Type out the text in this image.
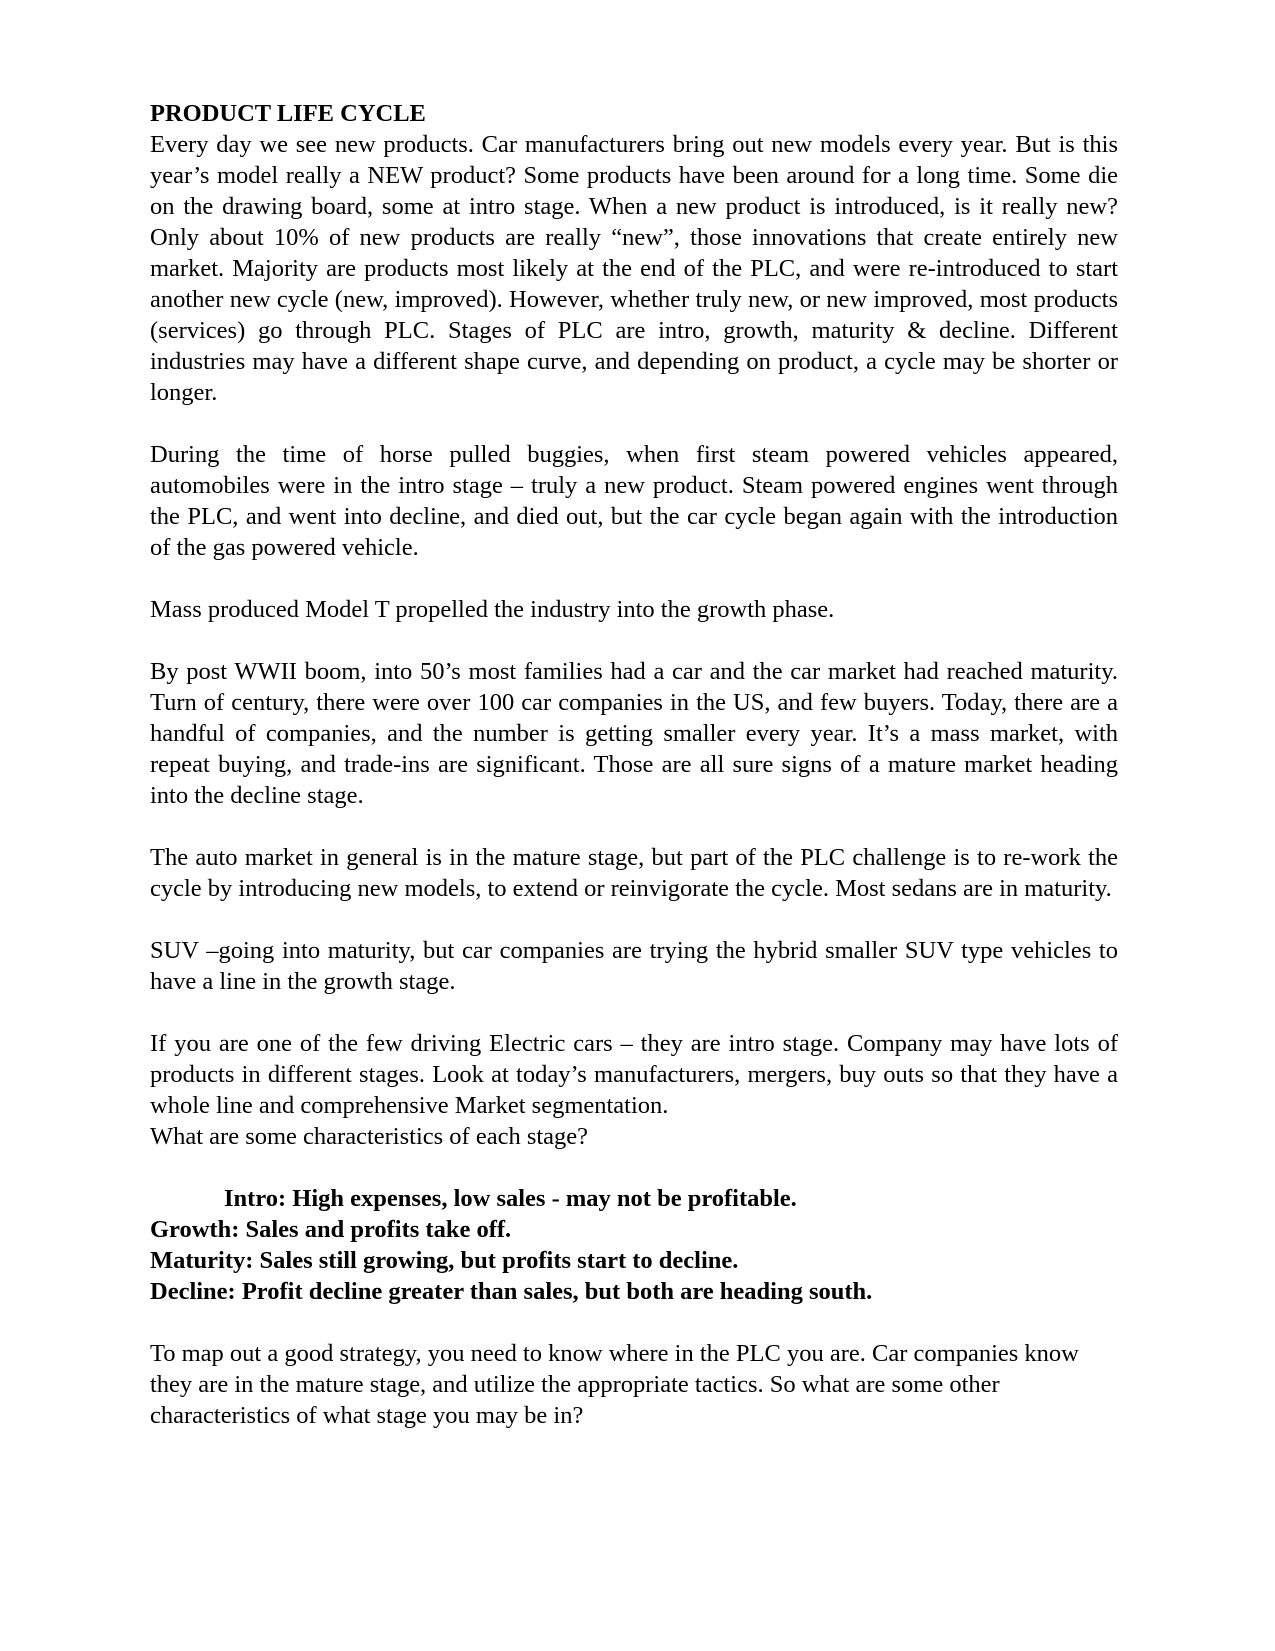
PRODUCT LIFE CYCLE

Every day we see new products. Car manufacturers bring out new models every year. But is this year’s model really a NEW product? Some products have been around for a long time. Some die on the drawing board, some at intro stage. When a new product is introduced, is it really new? Only about 10% of new products are really “new”, those innovations that create entirely new market. Majority are products most likely at the end of the PLC, and were re-introduced to start another new cycle (new, improved). However, whether truly new, or new improved, most products (services) go through PLC. Stages of PLC are intro, growth, maturity & decline. Different industries may have a different shape curve, and depending on product, a cycle may be shorter or longer.

During the time of horse pulled buggies, when first steam powered vehicles appeared, automobiles were in the intro stage – truly a new product. Steam powered engines went through the PLC, and went into decline, and died out, but the car cycle began again with the introduction of the gas powered vehicle.

Mass produced Model T propelled the industry into the growth phase.

By post WWII boom, into 50’s most families had a car and the car market had reached maturity. Turn of century, there were over 100 car companies in the US, and few buyers. Today, there are a handful of companies, and the number is getting smaller every year. It’s a mass market, with repeat buying, and trade-ins are significant. Those are all sure signs of a mature market heading into the decline stage.

The auto market in general is in the mature stage, but part of the PLC challenge is to re-work the cycle by introducing new models, to extend or reinvigorate the cycle. Most sedans are in maturity.

SUV –going into maturity, but car companies are trying the hybrid smaller SUV type vehicles to have a line in the growth stage.

If you are one of the few driving Electric cars – they are intro stage. Company may have lots of products in different stages. Look at today’s manufacturers, mergers, buy outs so that they have a whole line and comprehensive Market segmentation.

What are some characteristics of each stage?
Intro: High expenses, low sales - may not be profitable.
Growth: Sales and profits take off.
Maturity: Sales still growing, but profits start to decline.
Decline: Profit decline greater than sales, but both are heading south.

To map out a good strategy, you need to know where in the PLC you are. Car companies know they are in the mature stage, and utilize the appropriate tactics. So what are some other characteristics of what stage you may be in?
